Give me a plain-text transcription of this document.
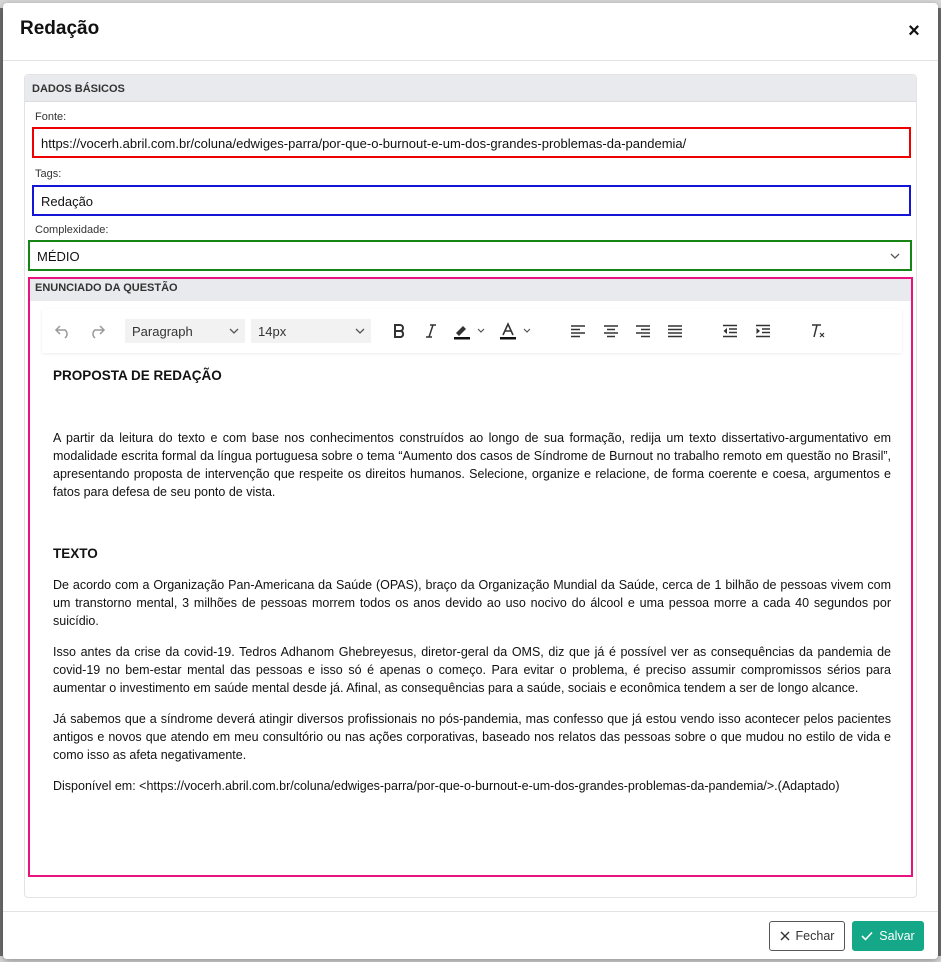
Redação	×
DADOS BÁSICOS
Fonte:
https://vocerh.abril.com.br/coluna/edwiges-parra/por-que-o-burnout-e-um-dos-grandes-problemas-da-pandemia/
Tags:
Redação
Complexidade:
MÉDIO
ENUNCIADO DA QUESTÃO
Paragraph	14px
PROPOSTA DE REDAÇÃO

A partir da leitura do texto e com base nos conhecimentos construídos ao longo de sua formação, redija um texto dissertativo-argumentativo em modalidade escrita formal da língua portuguesa sobre o tema “Aumento dos casos de Síndrome de Burnout no trabalho remoto em questão no Brasil”, apresentando proposta de intervenção que respeite os direitos humanos. Selecione, organize e relacione, de forma coerente e coesa, argumentos e fatos para defesa de seu ponto de vista.

TEXTO

De acordo com a Organização Pan-Americana da Saúde (OPAS), braço da Organização Mundial da Saúde, cerca de 1 bilhão de pessoas vivem com um transtorno mental, 3 milhões de pessoas morrem todos os anos devido ao uso nocivo do álcool e uma pessoa morre a cada 40 segundos por suicídio.

Isso antes da crise da covid-19. Tedros Adhanom Ghebreyesus, diretor-geral da OMS, diz que já é possível ver as consequências da pandemia de covid-19 no bem-estar mental das pessoas e isso só é apenas o começo. Para evitar o problema, é preciso assumir compromissos sérios para aumentar o investimento em saúde mental desde já. Afinal, as consequências para a saúde, sociais e econômica tendem a ser de longo alcance.

Já sabemos que a síndrome deverá atingir diversos profissionais no pós-pandemia, mas confesso que já estou vendo isso acontecer pelos pacientes antigos e novos que atendo em meu consultório ou nas ações corporativas, baseado nos relatos das pessoas sobre o que mudou no estilo de vida e como isso as afeta negativamente.

Disponível em: <https://vocerh.abril.com.br/coluna/edwiges-parra/por-que-o-burnout-e-um-dos-grandes-problemas-da-pandemia/>.(Adaptado)

Fechar	Salvar
